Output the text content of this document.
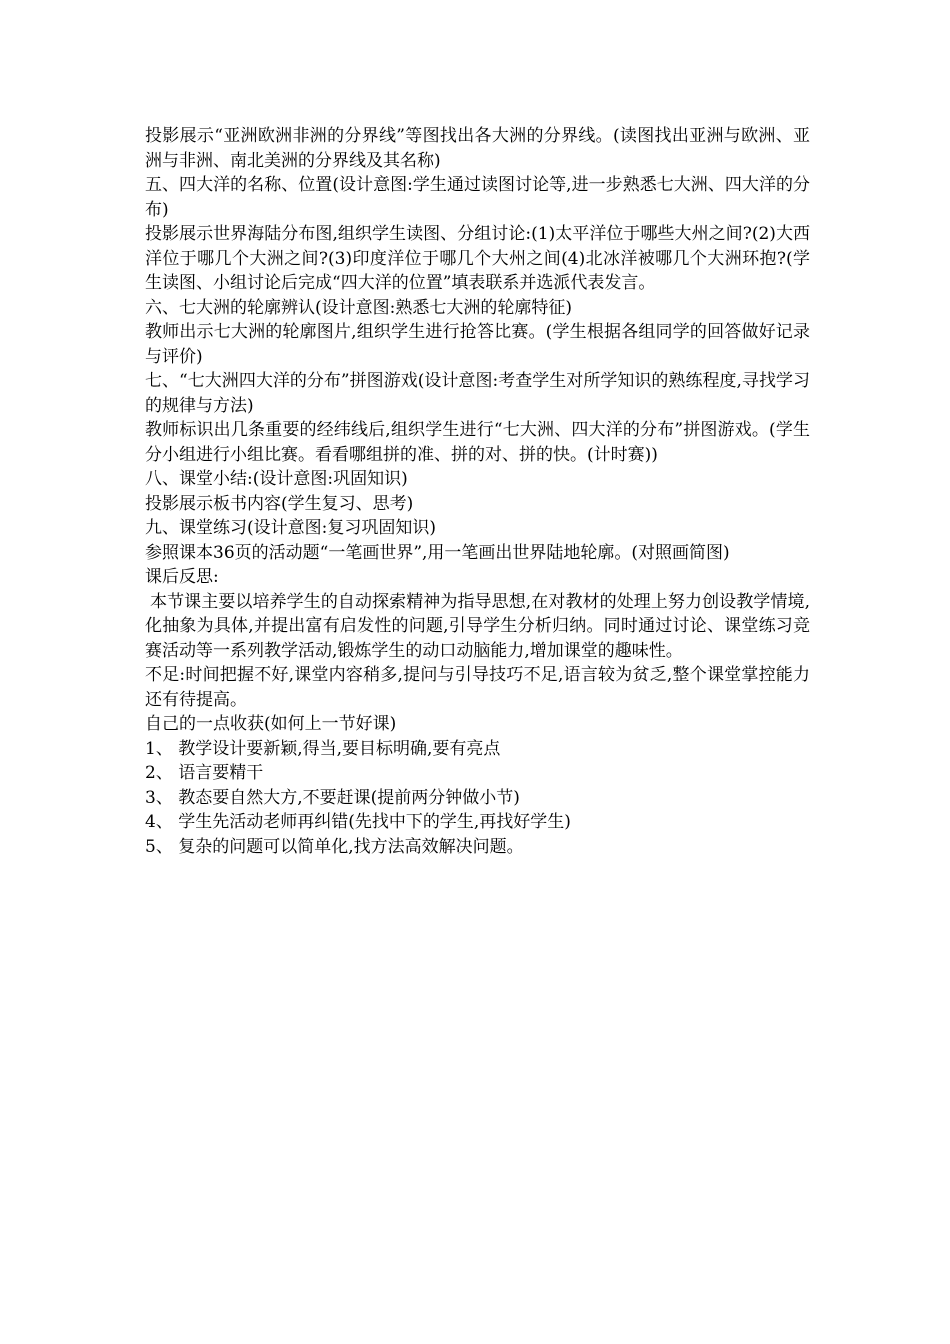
投影展示“亚洲欧洲非洲的分界线”等图找出各大洲的分界线。(读图找出亚洲与欧洲、亚洲与非洲、南北美洲的分界线及其名称)

五、四大洋的名称、位置(设计意图:学生通过读图讨论等,进一步熟悉七大洲、四大洋的分布)

投影展示世界海陆分布图,组织学生读图、分组讨论:(1)太平洋位于哪些大州之间?(2)大西洋位于哪几个大洲之间?(3)印度洋位于哪几个大州之间(4)北冰洋被哪几个大洲环抱?(学生读图、小组讨论后完成“四大洋的位置”填表联系并选派代表发言。

六、七大洲的轮廓辨认(设计意图:熟悉七大洲的轮廓特征)

教师出示七大洲的轮廓图片,组织学生进行抢答比赛。(学生根据各组同学的回答做好记录与评价)

七、“七大洲四大洋的分布”拼图游戏(设计意图:考查学生对所学知识的熟练程度,寻找学习的规律与方法)

教师标识出几条重要的经纬线后,组织学生进行“七大洲、四大洋的分布”拼图游戏。(学生分小组进行小组比赛。看看哪组拼的准、拼的对、拼的快。(计时赛))

八、课堂小结:(设计意图:巩固知识)

投影展示板书内容(学生复习、思考)

九、课堂练习(设计意图:复习巩固知识)

参照课本36页的活动题“一笔画世界”,用一笔画出世界陆地轮廓。(对照画简图)

课后反思:

本节课主要以培养学生的自动探索精神为指导思想,在对教材的处理上努力创设教学情境,化抽象为具体,并提出富有启发性的问题,引导学生分析归纳。同时通过讨论、课堂练习竞赛活动等一系列教学活动,锻炼学生的动口动脑能力,增加课堂的趣味性。

不足:时间把握不好,课堂内容稍多,提问与引导技巧不足,语言较为贫乏,整个课堂掌控能力还有待提高。

自己的一点收获(如何上一节好课)

1、 教学设计要新颖,得当,要目标明确,要有亮点

2、 语言要精干

3、 教态要自然大方,不要赶课(提前两分钟做小节)

4、 学生先活动老师再纠错(先找中下的学生,再找好学生)

5、 复杂的问题可以简单化,找方法高效解决问题。
